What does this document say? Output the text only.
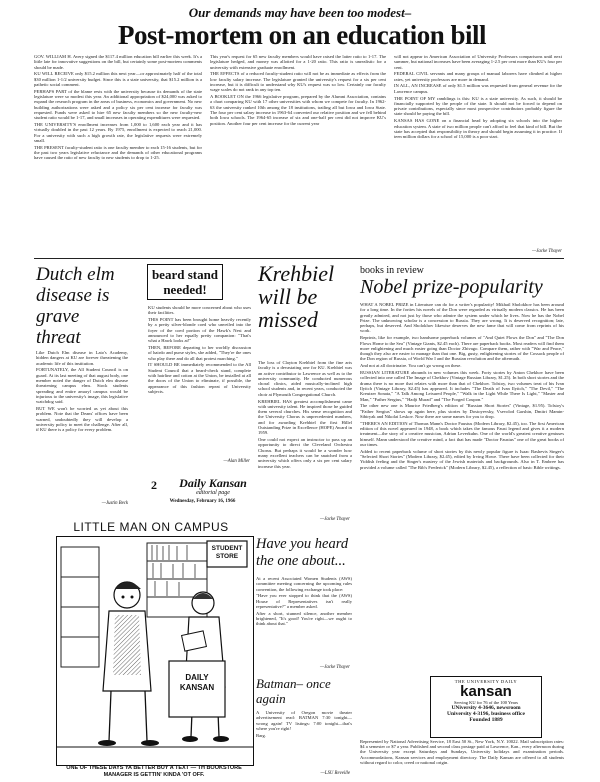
Our demands may have been too modest–
Post-mortem on an education bill

GOV. WILLIAM H. Avery signed the $117.4 million education bill earlier this week. It's a little late for innovative suggestions on the bill, but certainly some post-mortem comments should be made.

KU WILL RECEIVE only $15.2 million this next year—or approximately half of the total $30 million 1-1/2 university budget. Since this is a state university, that $15.2 million is a pathetic social comment.

PERHAPS PART of the blame rests with the university because its demands of the state legislature were so modest this year. An additional appropriation of $24,000 was asked to expand the research program in the areas of business, economics and government. No new building authorizations were asked and a policy six per cent increase for faculty was requested. Funds were asked to hire 65 new faculty members so the new faculty-new student ratio would be 1-17, and small increases in operating expenditures were requested.

THE UNIVERSITY'S enrollment increases from 1,000 to 1,600 each year and it has virtually doubled in the past 12 years. By 1975, enrollment is expected to reach 21,000. For a university with such a high growth rate, the legislative requests were extremely small.

THE PRESENT faculty-student ratio is one faculty member to each 15-16 students, but for the past two years legislative reluctance and the demands of other educational programs have caused the ratio of new faculty to new students to drop to 1-25.

This year's request for 65 new faculty members would have raised the latter ratio to 1-17. The legislature hedged, and money was allotted for a 1-20 ratio. This ratio is unrealistic for a university with extensive graduate enrollment.

THE EFFECTS of a reduced faculty-student ratio will not be as immediate as effects from the low faculty salary increase. The legislature granted the university's request for a six per cent increase, but it is difficult to understand why KU's request was so low. Certainly our faculty wage scales do not rank in any top ten.

A BOOKLET ON the 1966 legislative program, prepared by the Alumni Association, contains a chart comparing KU with 17 other universities with whom we compete for faculty. In 1962-63 the university ranked 10th among the 18 institutions, trailing all but Iowa and Iowa State. The four per cent salary increase in 1963-64 converted our relative position and we fell behind both Iowa schools. The 1964-65 increase of six and one-half per cent did not improve KU's position. Another four per cent increase for the current year

will not appear in American Association of University Professors comparisons until next summer, but national increases have been averaging 1-2.5 per cent more than KU's four per cent.

FEDERAL CIVIL servants and many groups of manual laborers have climbed at higher rates, yet university professors are more in demand.

IN ALL, AN INCREASE of only $1.5 million was requested from general revenue for the Lawrence campus.

THE POINT OF MY ramblings is this: KU is a state university. As such, it should be financially supported by the people of the state. It should not be forced to depend on private contributions, especially since most prospective contributors probably figure the state should be paying the bill.

KANSAS HAS GONE on a financial head by adopting six schools into the higher education system. A state of two million people can't afford to feel that kind of bill. But the state has accepted that responsibility in theory and should begin assuming it in practice. If teen million dollars for a school of 15,000 is a poor start.

—Jacke Thayer
Dutch elm disease is grave threat

Like Dutch Elm disease in Lato's Academy, hidden dangers at KU are forever threatening the academic life of this institution.

FORTUNATELY, the All Student Council is on guard. At its last meeting of that august body, one member noted the danger of Dutch elm disease threatening campus elms. Stock students spreading and entire amaryl campus would be injurious to the university's image, this legislative watchdog said.

BUT WE won't be worried as yet about this problem. Note that the Deans' offices have been warned, undoubtedly they will develop a university policy to meet the challenge. After all, if KU there is a policy for every problem.

—Justin Beck
beard stand needed!

KU students should be more concerned about who uses their facilities.

THIS POINT has been brought home heavily recently by a pretty silver-blonde coed who unveiled into the foyer of the coed portion of the Hawk's Nest and announced to her equally pretty companion: "That's what a Hawk looks at!"

THEN, BEFORE departing to her worldly discussion of hairdo and purse styles, she added, "They're the ones who play there and do all that protest marching."

IT SHOULD BE immediately recommended to the All Student Council that a beard-check stand, complete with hairline and cotton at the Union, be installed at all the doors of the Union to eliminate, if possible, the appearance of this fashion repeat of University subjects.

—Alan Miller
2	Daily Kansan
editorial page
Wednesday, February 16, 1966
Krehbiel will be missed

The loss of Clayton Krehbiel from the fine arts faculty is a devastating one for KU. Krehbiel was an active contributor to Lawrence as well as to the university community. He conducted numerous choral clinics, aided musically-inclined high school students and, in recent years, conducted the choir at Plymouth Congregational Church.

KREHBIEL HAS greatest accomplishment came with university talent. He inspired those he guided them several churches. His sense recognition and the University Chorus is unprecedented numbers, and for awarding Krehbiel the first Hillel Outstanding Prize in Excellence (HOPE) Award in 1959.

One could not expect an instructor to pass up an opportunity to direct the Cleveland Orchestra Chorus. But perhaps it would be a wonder how many excellent teachers can be snatched from a university which offers only a six per cent salary increase this year.

—Jacke Thayer
books in review
Nobel prize-popularity

WHAT A NOBEL PRIZE in Literature can do for a writer's popularity! Mikhail Sholokhov has been around for a long time. In the forties his novels of the Don were regarded as virtually modern classics. He has been greatly admired, and not just by those who admire the system under which he lives. Now he has the Nobel Prize. The unknowing scholar is a concession to Russia. They are wrong. It is deserved recognition; late, perhaps, but deserved. And Sholokhov likewise deserves the new fame that will come from reprints of his work.

Reprints, like for example, two handsome paperback volumes of "And Quiet Flows the Don" and "The Don Flows Home to the Sea" (Vintage Giants, $2.45 each). There are paperback books. Most readers will find them more enlightening and much easier going than Doctor Zhivago. Compare them, rather with "War and Peace," though they also are easier to manage than that one. Big, gusty, enlightening stories of the Cossack people of the Don region of Russia, of World War I and the Russian revolution and the aftermath.

And not at all doctrinaire. You can't go wrong on these.

RUSSIAN LITERATURE abounds in new volumes this week. Forty stories by Anton Chekhov have been collected into one called The Image of Chekhov (Vintage Russian Library, $1.25). In both short stories and the drama there is no more that relates with more than that of Chekhov. Tolstoy, two volumes treat of his Ivan Ilyitch (Vintage Library, $2.45) has appeared. It includes "The Death of Ivan Ilyitch," "The Devil," "The Kreutzer Sonata," "A Talk Among Leisured People," "Walk in the Light While There Is Light," "Master and Man," "Father Sergius," "Hadji Murad" and "The Forged Coupon."

The other new one is Maurice Friedberg's edition of "Russian Short Stories" (Vintage, $1.95). Tolstoy's "Father Sergius" shows up again here, plus stories by Dostoyevsky, Vsevolod Garshin, Dmitri Mamin-Sibiryak and Nikolai Leskov. Now there are some names for you to drop.

"THERE'S AN EDITION of Thomas Mann's Doctor Faustus (Modern Library, $2.45), too. The first American edition of this novel appeared in 1948, a book which takes the famous Faust legend and gives it a modern treatment—the story of a creative musician, Adrian Leverkuhn. One of the world's greatest creative geniuses himself. Mann understood the creative mind, a fact that has made "Doctor Faustus" one of the great books of our times.

Added to recent paperback volume of short stories by this newly popular figure is Isaac Bashevis Singer's "Selected Short Stories" (Modern Library, $2.45), edited by Irving Howe. There have been collected for their Yiddish feeling and the Singer's mastery of the Jewish materials and backgrounds. Also in T. Embree has provided a volume called "The Bib's Frederick" (Modern Library, $2.45), a reflection of basic Bible writings.

LITTLE MAN ON CAMPUS
STUDENT STORE
DAILY KANSAN
ONE OF THESE DAYS YA BETTER BUY A TEXT — TH BOOKSTORE MANAGER IS GETTIN' KINDA 'OT OFF.
Have you heard the one about...

At a recent Associated Women Students (AWS) committee meeting concerning the upcoming rules convention, the following exchange took place:

"Have you ever stopped to think that the (AWS) House of Representatives isn't really representative?" a member asked.

After a short, stunned silence, another member brightened, "It's good! You're right—we ought to think about that."

—Jacke Thayer
Batman– once again

A University of Oregon movie theater advertisement read: BATMAN 7:30 tonight—wrong again! TV listings: 7:00 tonight—that's where you're right!

Barg.

—LSU Reveille
THE UNIVERSITY DAILY
kansan
Serving KU for 76 of the 100 Years
UNiversity 4-3646, newsroom
University 4-3196, business office
Founded 1889
Represented by National Advertising Service, 18 East 50 St., New York, N.Y. 10022. Mail subscription rates: $4 a semester or $7 a year. Published and second class postage paid at Lawrence, Kan., every afternoon during the University year except Saturdays and Sundays, University holidays and examination periods. Accommodations, Kansan services and employment directory. The Daily Kansan are offered to all students without regard to color, creed or national origin.
